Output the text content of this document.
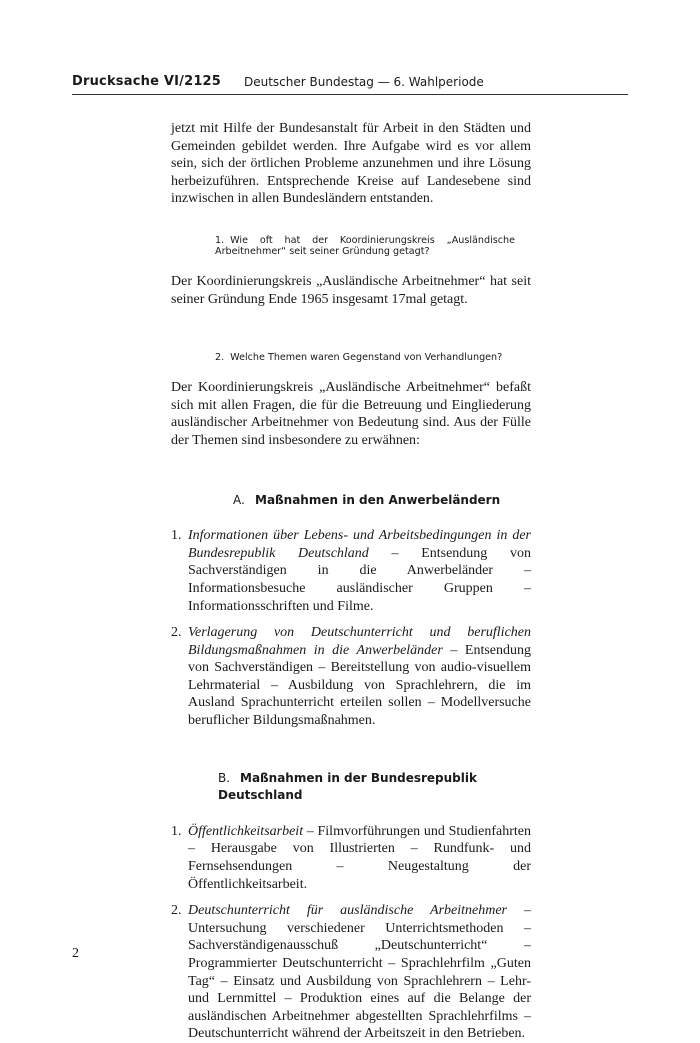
Drucksache VI/2125 Deutscher Bundestag — 6. Wahlperiode

jetzt mit Hilfe der Bundesanstalt für Arbeit in den Städten und Gemeinden gebildet werden. Ihre Aufgabe wird es vor allem sein, sich der örtlichen Probleme anzunehmen und ihre Lösung herbeizuführen. Entsprechende Kreise auf Landesebene sind inzwischen in allen Bundesländern entstanden.

1. Wie oft hat der Koordinierungskreis „Ausländische Arbeitnehmer“ seit seiner Gründung getagt?

Der Koordinierungskreis „Ausländische Arbeitnehmer“ hat seit seiner Gründung Ende 1965 insgesamt 17mal getagt.

2. Welche Themen waren Gegenstand von Verhandlungen?

Der Koordinierungskreis „Ausländische Arbeitnehmer“ befaßt sich mit allen Fragen, die für die Betreuung und Eingliederung ausländischer Arbeitnehmer von Bedeutung sind. Aus der Fülle der Themen sind insbesondere zu erwähnen:

A. Maßnahmen in den Anwerbeländern
1. Informationen über Lebens- und Arbeitsbedingungen in der Bundesrepublik Deutschland – Entsendung von Sachverständigen in die Anwerbeländer – Informationsbesuche ausländischer Gruppen – Informationsschriften und Filme.
2. Verlagerung von Deutschunterricht und beruflichen Bildungsmaßnahmen in die Anwerbeländer – Entsendung von Sachverständigen – Bereitstellung von audio-visuellem Lehrmaterial – Ausbildung von Sprachlehrern, die im Ausland Sprachunterricht erteilen sollen – Modellversuche beruflicher Bildungsmaßnahmen.
B. Maßnahmen in der Bundesrepublik Deutschland
1. Öffentlichkeitsarbeit – Filmvorführungen und Studienfahrten – Herausgabe von Illustrierten – Rundfunk- und Fernsehsendungen – Neugestaltung der Öffentlichkeitsarbeit.
2. Deutschunterricht für ausländische Arbeitnehmer – Untersuchung verschiedener Unterrichtsmethoden – Sachverständigenausschuß „Deutschunterricht“ – Programmierter Deutschunterricht – Sprachlehrfilm „Guten Tag“ – Einsatz und Ausbildung von Sprachlehrern – Lehr- und Lernmittel – Produktion eines auf die Belange der ausländischen Arbeitnehmer abgestellten Sprachlehrfilms – Deutschunterricht während der Arbeitszeit in den Betrieben.
2
